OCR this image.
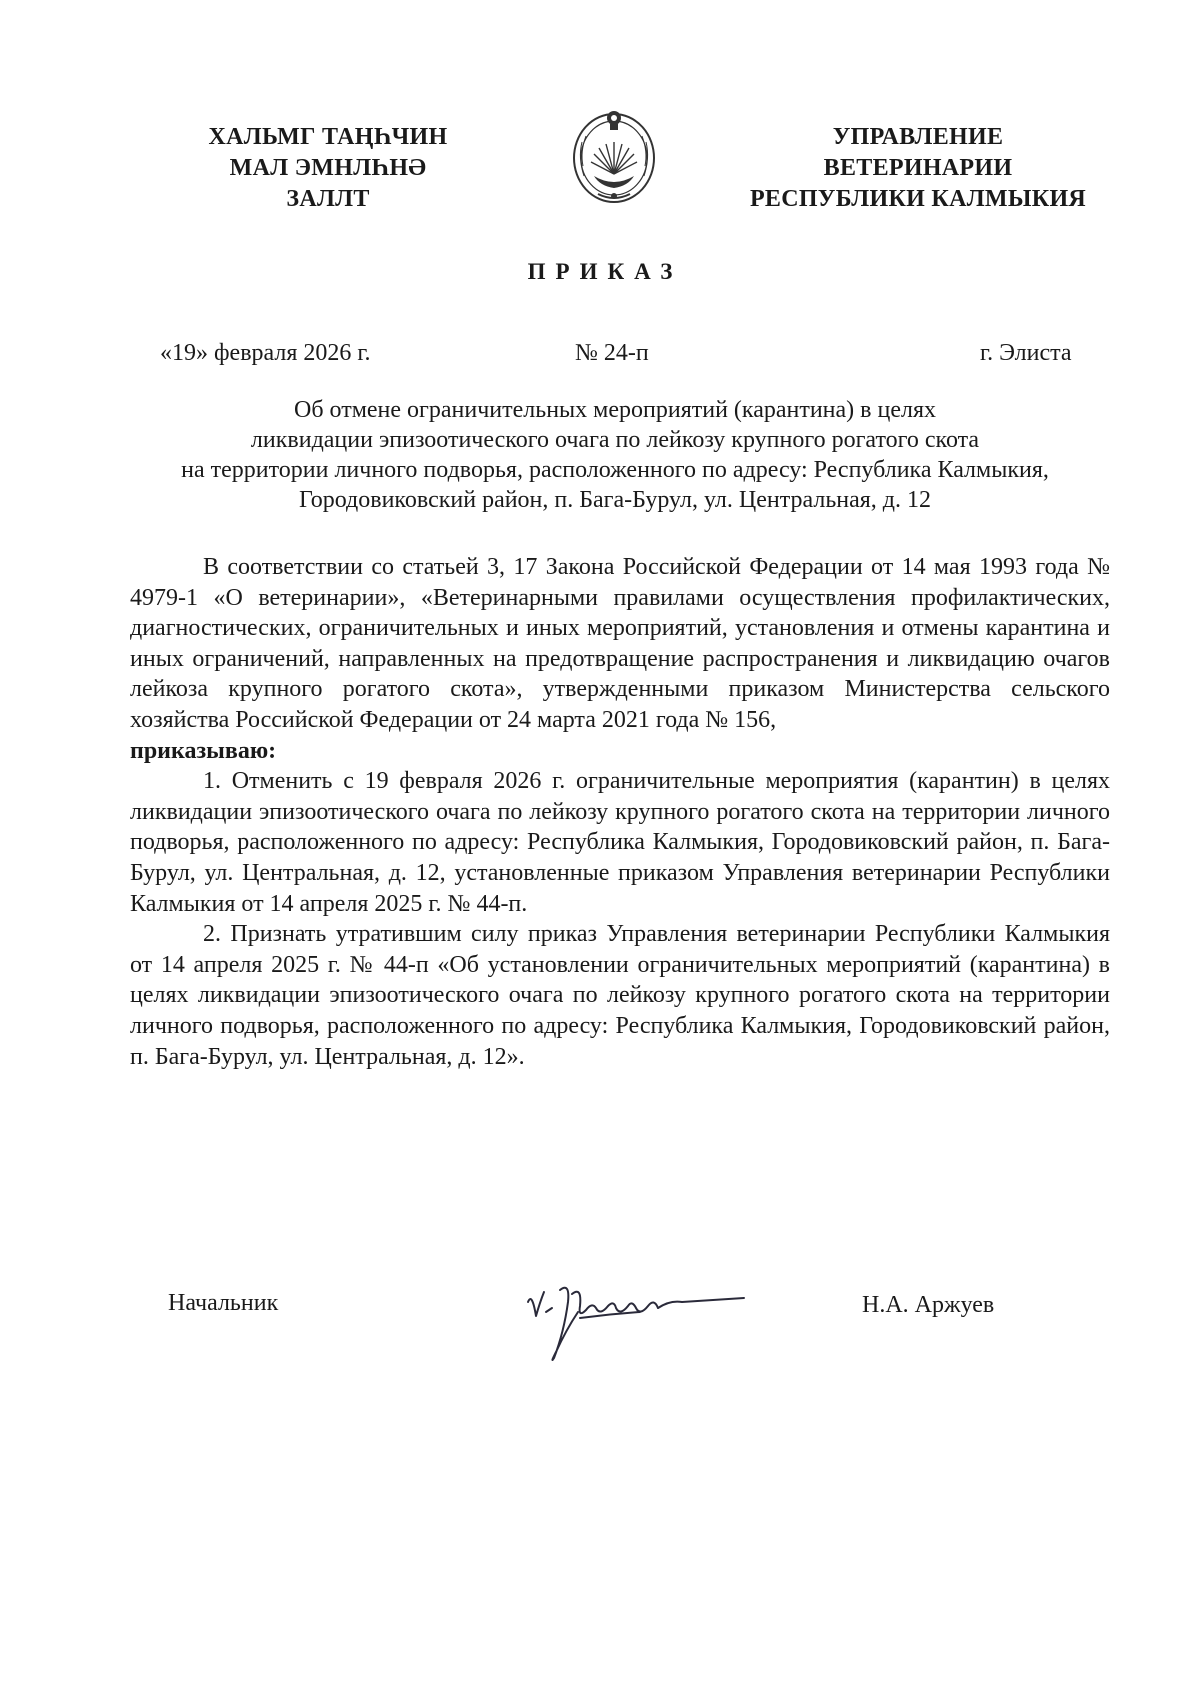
ХАЛЬМГ ТАҢҺЧИН
МАЛ ЭМНЛҺНӘ
ЗАЛЛТ
УПРАВЛЕНИЕ
ВЕТЕРИНАРИИ
РЕСПУБЛИКИ КАЛМЫКИЯ
ПРИКАЗ
«19» февраля 2026 г.	№ 24-п	г. Элиста
Об отмене ограничительных мероприятий (карантина) в целях
ликвидации эпизоотического очага по лейкозу крупного рогатого скота
на территории личного подворья, расположенного по адресу: Республика Калмыкия,
Городовиковский район, п. Бага-Бурул, ул. Центральная, д. 12

В соответствии со статьей 3, 17 Закона Российской Федерации от 14 мая 1993 года № 4979-1 «О ветеринарии», «Ветеринарными правилами осуществления профилактических, диагностических, ограничительных и иных мероприятий, установления и отмены карантина и иных ограничений, направленных на предотвращение распространения и ликвидацию очагов лейкоза крупного рогатого скота», утвержденными приказом Министерства сельского хозяйства Российской Федерации от 24 марта 2021 года № 156,

приказываю:

1. Отменить с 19 февраля 2026 г. ограничительные мероприятия (карантин) в целях ликвидации эпизоотического очага по лейкозу крупного рогатого скота на территории личного подворья, расположенного по адресу: Республика Калмыкия, Городовиковский район, п. Бага-Бурул, ул. Центральная, д. 12, установленные приказом Управления ветеринарии Республики Калмыкия от 14 апреля 2025 г. № 44-п.

2. Признать утратившим силу приказ Управления ветеринарии Республики Калмыкия от 14 апреля 2025 г. № 44-п «Об установлении ограничительных мероприятий (карантина) в целях ликвидации эпизоотического очага по лейкозу крупного рогатого скота на территории личного подворья, расположенного по адресу: Республика Калмыкия, Городовиковский район, п. Бага-Бурул, ул. Центральная, д. 12».

Начальник	Н.А. Аржуев
